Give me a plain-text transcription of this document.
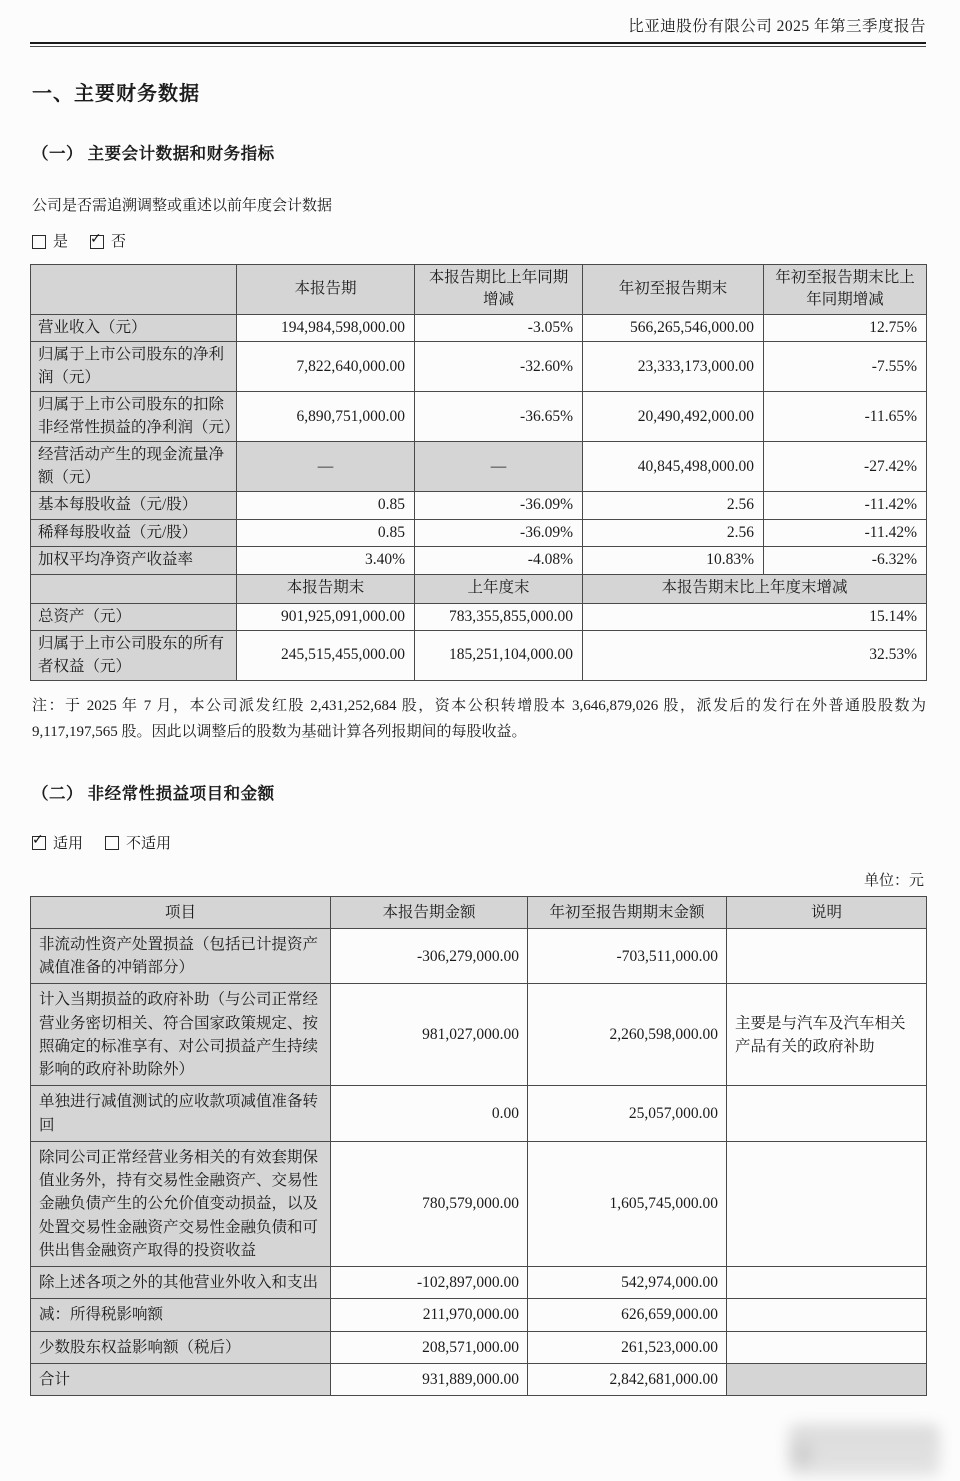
比亚迪股份有限公司 2025 年第三季度报告
一、主要财务数据
（一） 主要会计数据和财务指标
公司是否需追溯调整或重述以前年度会计数据
是 ✓ 否
	本报告期	本报告期比上年同期增减	年初至报告期末	年初至报告期末比上年同期增减
营业收入（元）	194,984,598,000.00	-3.05%	566,265,546,000.00	12.75%
归属于上市公司股东的净利润（元）	7,822,640,000.00	-32.60%	23,333,173,000.00	-7.55%
归属于上市公司股东的扣除非经常性损益的净利润（元）	6,890,751,000.00	-36.65%	20,490,492,000.00	-11.65%
经营活动产生的现金流量净额（元）	—	—	40,845,498,000.00	-27.42%
基本每股收益（元/股）	0.85	-36.09%	2.56	-11.42%
稀释每股收益（元/股）	0.85	-36.09%	2.56	-11.42%
加权平均净资产收益率	3.40%	-4.08%	10.83%	-6.32%
	本报告期末	上年度末	本报告期末比上年度末增减	
总资产（元）	901,925,091,000.00	783,355,855,000.00	15.14%	
归属于上市公司股东的所有者权益（元）	245,515,455,000.00	185,251,104,000.00	32.53%	
注：于 2025 年 7 月，本公司派发红股 2,431,252,684 股，资本公积转增股本 3,646,879,026 股，派发后的发行在外普通股股数为 9,117,197,565 股。因此以调整后的股数为基础计算各列报期间的每股收益。
（二） 非经常性损益项目和金额
✓ 适用	不适用
单位：元
项目	本报告期金额	年初至报告期期末金额	说明
非流动性资产处置损益（包括已计提资产减值准备的冲销部分）	-306,279,000.00	-703,511,000.00	
计入当期损益的政府补助（与公司正常经营业务密切相关、符合国家政策规定、按照确定的标准享有、对公司损益产生持续影响的政府补助除外）	981,027,000.00	2,260,598,000.00	主要是与汽车及汽车相关产品有关的政府补助
单独进行减值测试的应收款项减值准备转回	0.00	25,057,000.00	
除同公司正常经营业务相关的有效套期保值业务外，持有交易性金融资产、交易性金融负债产生的公允价值变动损益，以及处置交易性金融资产交易性金融负债和可供出售金融资产取得的投资收益	780,579,000.00	1,605,745,000.00	
除上述各项之外的其他营业外收入和支出	-102,897,000.00	542,974,000.00	
减：所得税影响额	211,970,000.00	626,659,000.00	
少数股东权益影响额（税后）	208,571,000.00	261,523,000.00	
合计	931,889,000.00	2,842,681,000.00	
